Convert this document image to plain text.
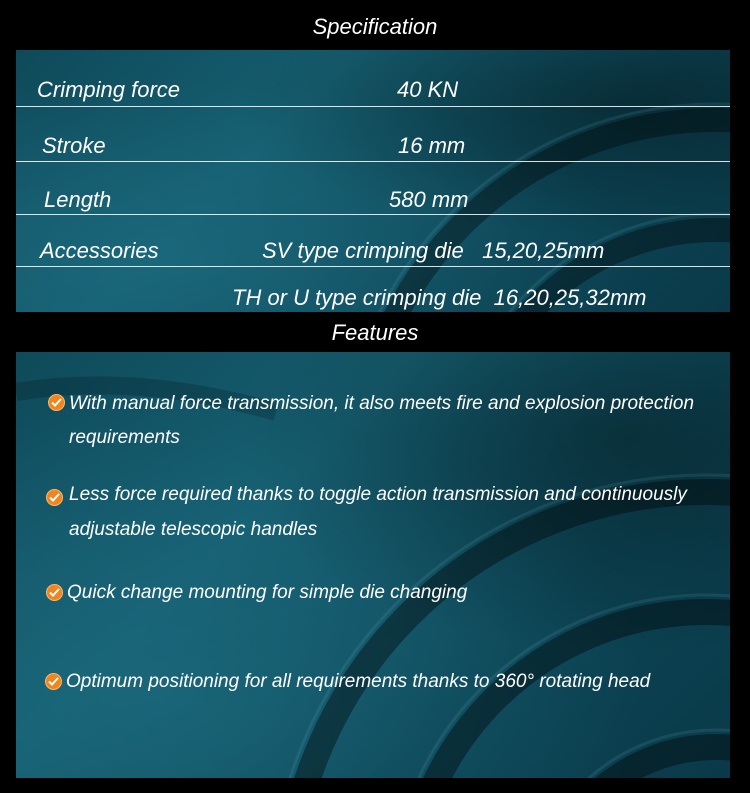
Specification
Crimping force	40 KN
Stroke	16 mm
Length	580 mm
Accessories	SV type crimping die   15,20,25mm
TH or U type crimping die  16,20,25,32mm
Features
With manual force transmission, it also meets fire and explosion protection
requirements
Less force required thanks to toggle action transmission and continuously
adjustable telescopic handles
Quick change mounting for simple die changing
Optimum positioning for all requirements thanks to 360° rotating head
